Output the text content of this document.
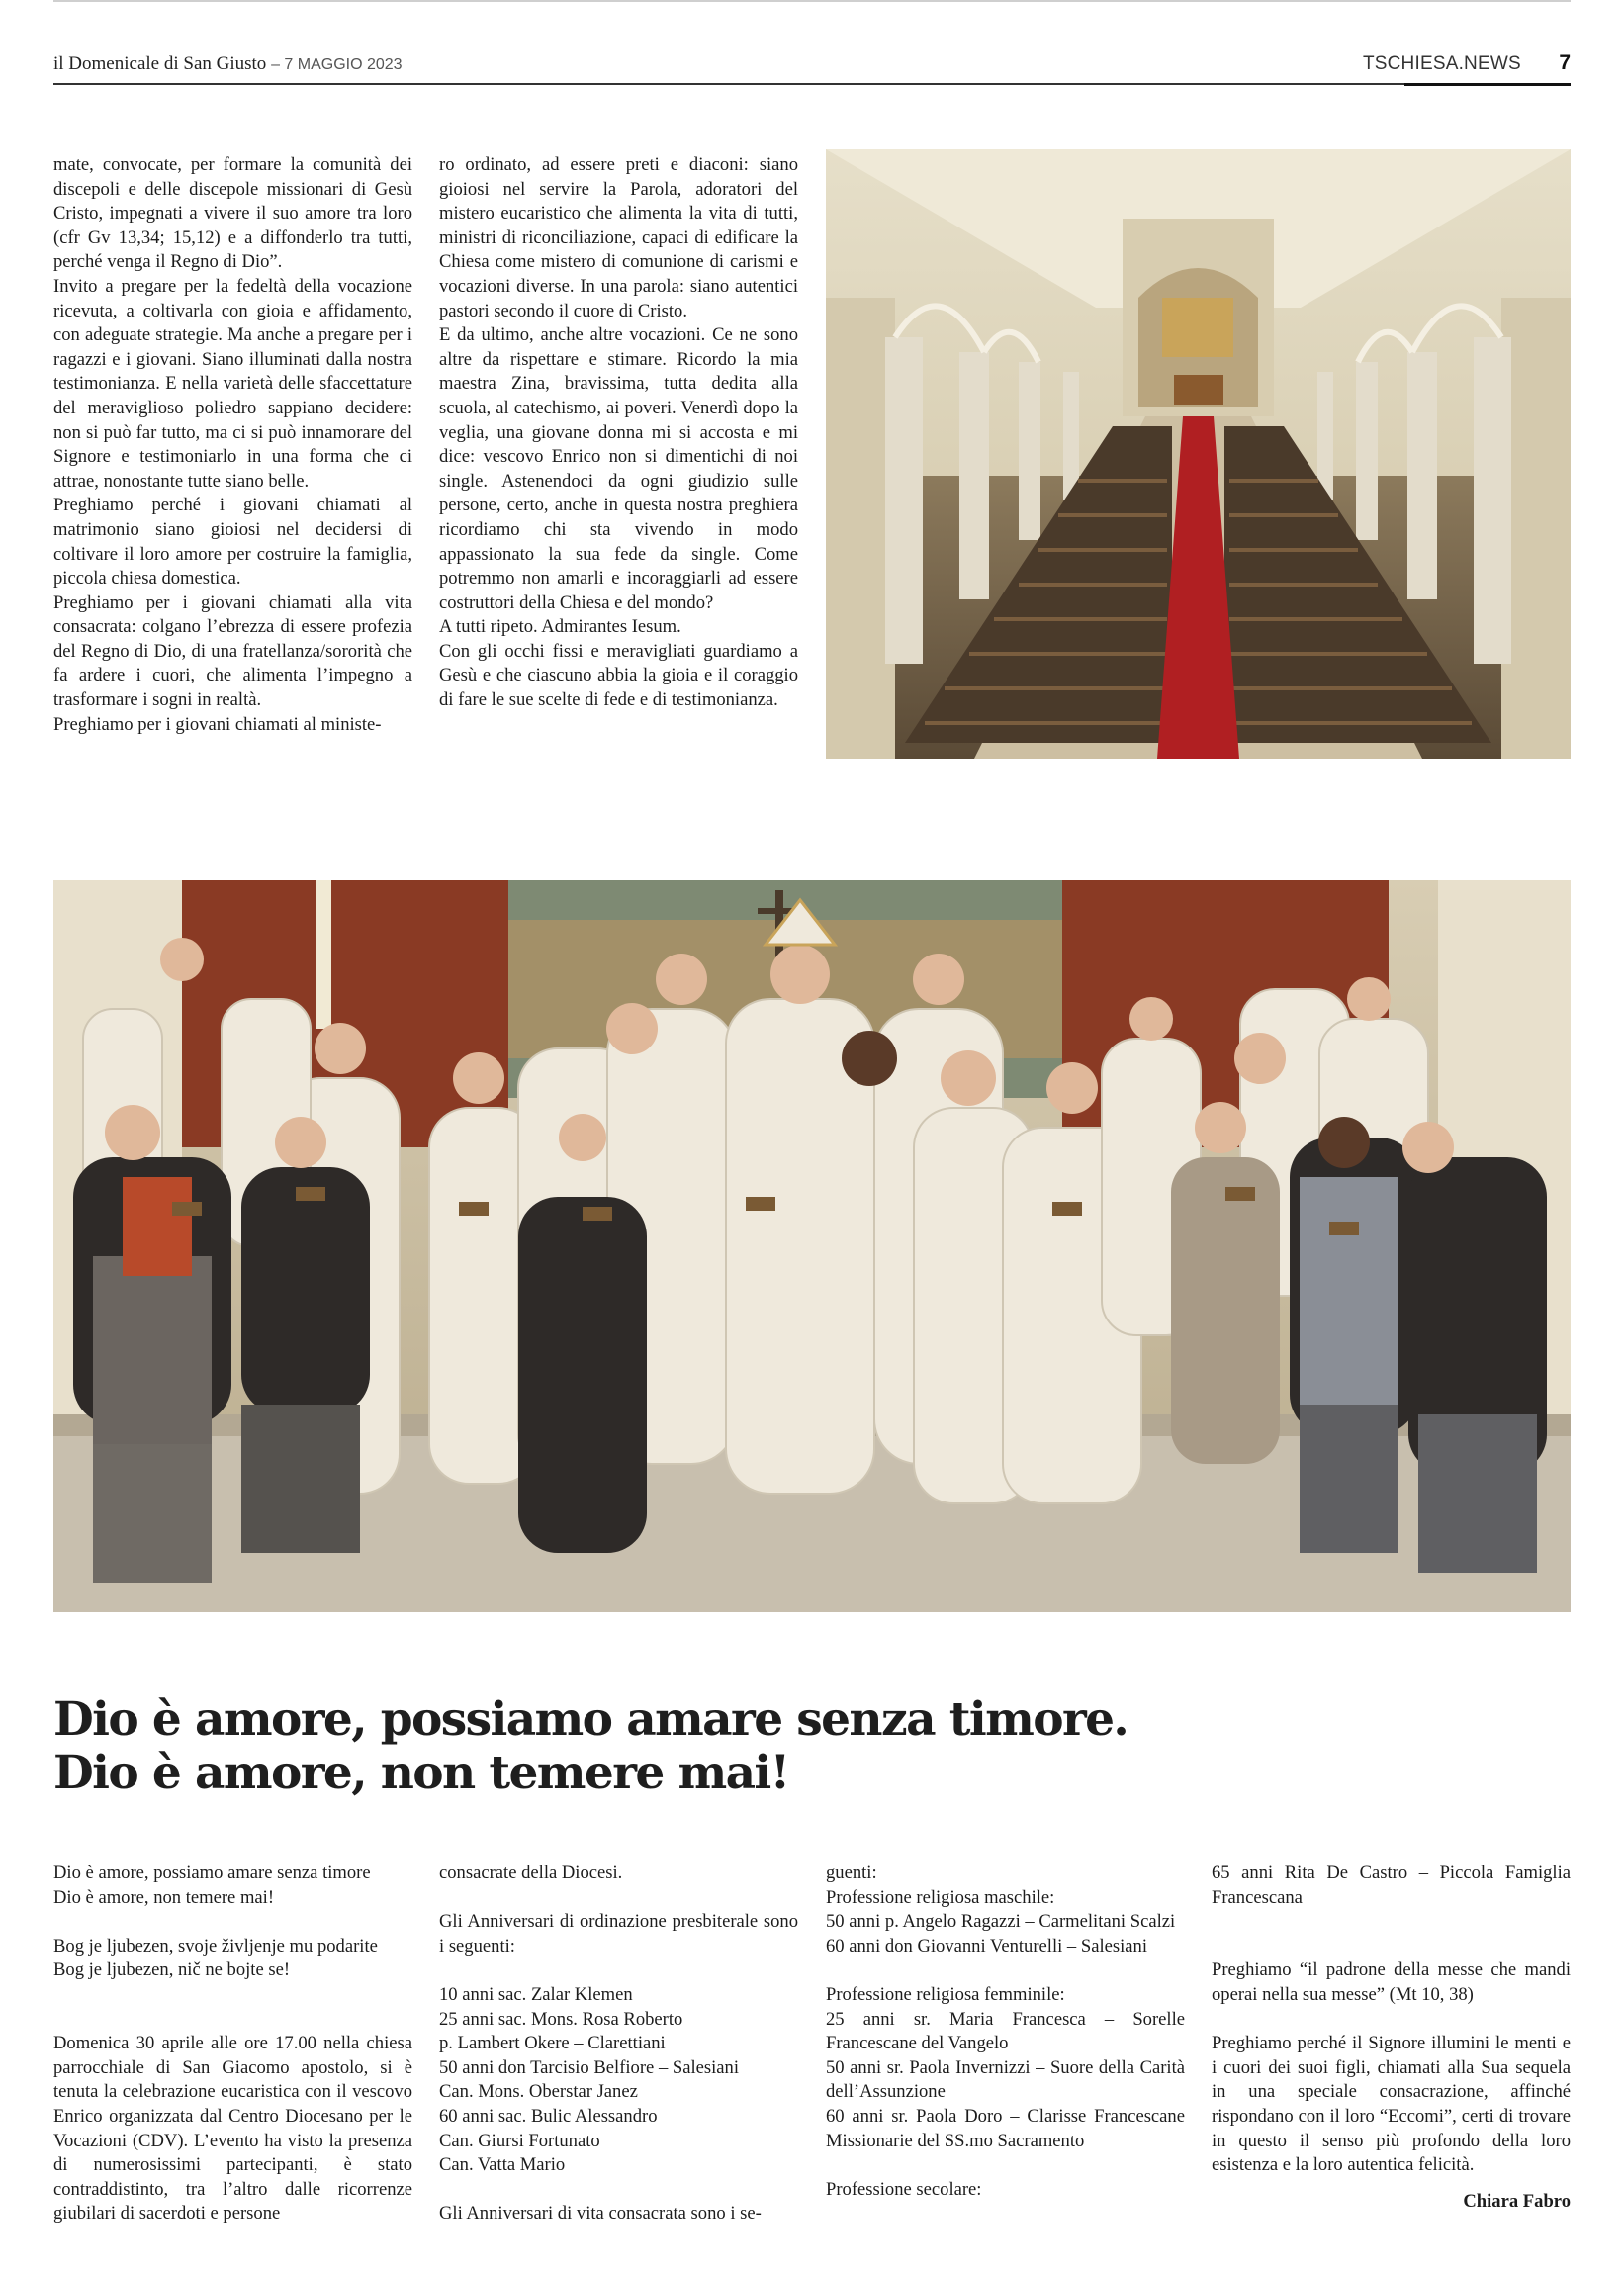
il Domenicale di San Giusto – 7 MAGGIO 2023	TSCHIESA.NEWS 7

mate, convocate, per formare la comunità dei discepoli e delle discepole missionari di Gesù Cristo, impegnati a vivere il suo amore tra loro (cfr Gv 13,34; 15,12) e a diffonderlo tra tutti, perché venga il Regno di Dio”.

Invito a pregare per la fedeltà della vocazione ricevuta, a coltivarla con gioia e affidamento, con adeguate strategie. Ma anche a pregare per i ragazzi e i giovani. Siano illuminati dalla nostra testimonianza. E nella varietà delle sfaccettature del meraviglioso poliedro sappiano decidere: non si può far tutto, ma ci si può innamorare del Signore e testimoniarlo in una forma che ci attrae, nonostante tutte siano belle.

Preghiamo perché i giovani chiamati al matrimonio siano gioiosi nel decidersi di coltivare il loro amore per costruire la famiglia, piccola chiesa domestica.

Preghiamo per i giovani chiamati alla vita consacrata: colgano l’ebrezza di essere profezia del Regno di Dio, di una fratellanza/sororità che fa ardere i cuori, che alimenta l’impegno a trasformare i sogni in realtà.

Preghiamo per i giovani chiamati al ministe-

ro ordinato, ad essere preti e diaconi: siano gioiosi nel servire la Parola, adoratori del mistero eucaristico che alimenta la vita di tutti, ministri di riconciliazione, capaci di edificare la Chiesa come mistero di comunione di carismi e vocazioni diverse. In una parola: siano autentici pastori secondo il cuore di Cristo.

E da ultimo, anche altre vocazioni. Ce ne sono altre da rispettare e stimare. Ricordo la mia maestra Zina, bravissima, tutta dedita alla scuola, al catechismo, ai poveri. Venerdì dopo la veglia, una giovane donna mi si accosta e mi dice: vescovo Enrico non si dimentichi di noi single. Astenendoci da ogni giudizio sulle persone, certo, anche in questa nostra preghiera ricordiamo chi sta vivendo in modo appassionato la sua fede da single. Come potremmo non amarli e incoraggiarli ad essere costruttori della Chiesa e del mondo?

A tutti ripeto. Admirantes Iesum.

Con gli occhi fissi e meravigliati guardiamo a Gesù e che ciascuno abbia la gioia e il coraggio di fare le sue scelte di fede e di testimonianza.

Dio è amore, possiamo amare senza timore.
Dio è amore, non temere mai!

Dio è amore, possiamo amare senza timore

Dio è amore, non temere mai!

Bog je ljubezen, svoje življenje mu podarite

Bog je ljubezen, nič ne bojte se!

Domenica 30 aprile alle ore 17.00 nella chiesa parrocchiale di San Giacomo apostolo, si è tenuta la celebrazione eucaristica con il vescovo Enrico organizzata dal Centro Diocesano per le Vocazioni (CDV). L’evento ha visto la presenza di numerosissimi partecipanti, è stato contraddistinto, tra l’altro dalle ricorrenze giubilari di sacerdoti e persone

consacrate della Diocesi.

Gli Anniversari di ordinazione presbiterale sono i seguenti:

10 anni sac. Zalar Klemen

25 anni sac. Mons. Rosa Roberto

p. Lambert Okere – Clarettiani

50 anni don Tarcisio Belfiore – Salesiani

Can. Mons. Oberstar Janez

60 anni sac. Bulic Alessandro

Can. Giursi Fortunato

Can. Vatta Mario

Gli Anniversari di vita consacrata sono i se-

guenti:

Professione religiosa maschile:

50 anni p. Angelo Ragazzi – Carmelitani Scalzi

60 anni don Giovanni Venturelli – Salesiani

Professione religiosa femminile:

25 anni sr. Maria Francesca – Sorelle Francescane del Vangelo

50 anni sr. Paola Invernizzi – Suore della Carità dell’Assunzione

60 anni sr. Paola Doro – Clarisse Francescane Missionarie del SS.mo Sacramento

Professione secolare:

65 anni Rita De Castro – Piccola Famiglia Francescana

Preghiamo “il padrone della messe che mandi operai nella sua messe” (Mt 10, 38)

Preghiamo perché il Signore illumini le menti e i cuori dei suoi figli, chiamati alla Sua sequela in una speciale consacrazione, affinché rispondano con il loro “Eccomi”, certi di trovare in questo il senso più profondo della loro esistenza e la loro autentica felicità.

Chiara Fabro
